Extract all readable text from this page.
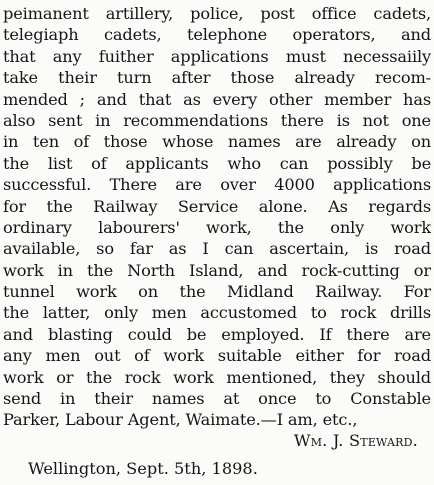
peimanent artillery, police, post office cadets,
telegiaph cadets, telephone operators, and
that any fuither applications must necessaiily
take their turn after those already recom-
mended ; and that as every other member has
also sent in recommendations there is not one
in ten of those whose names are already on
the list of applicants who can possibly be
successful. There are over 4000 applications
for the Railway Service alone. As regards
ordinary labourers' work, the only work
available, so far as I can ascertain, is road
work in the North Island, and rock-cutting or
tunnel work on the Midland Railway. For
the latter, only men accustomed to rock drills
and blasting could be employed. If there are
any men out of work suitable either for road
work or the rock work mentioned, they should
send in their names at once to Constable
Parker, Labour Agent, Waimate.—I am, etc.,
Wm. J. Steward.
Wellington, Sept. 5th, 1898.
